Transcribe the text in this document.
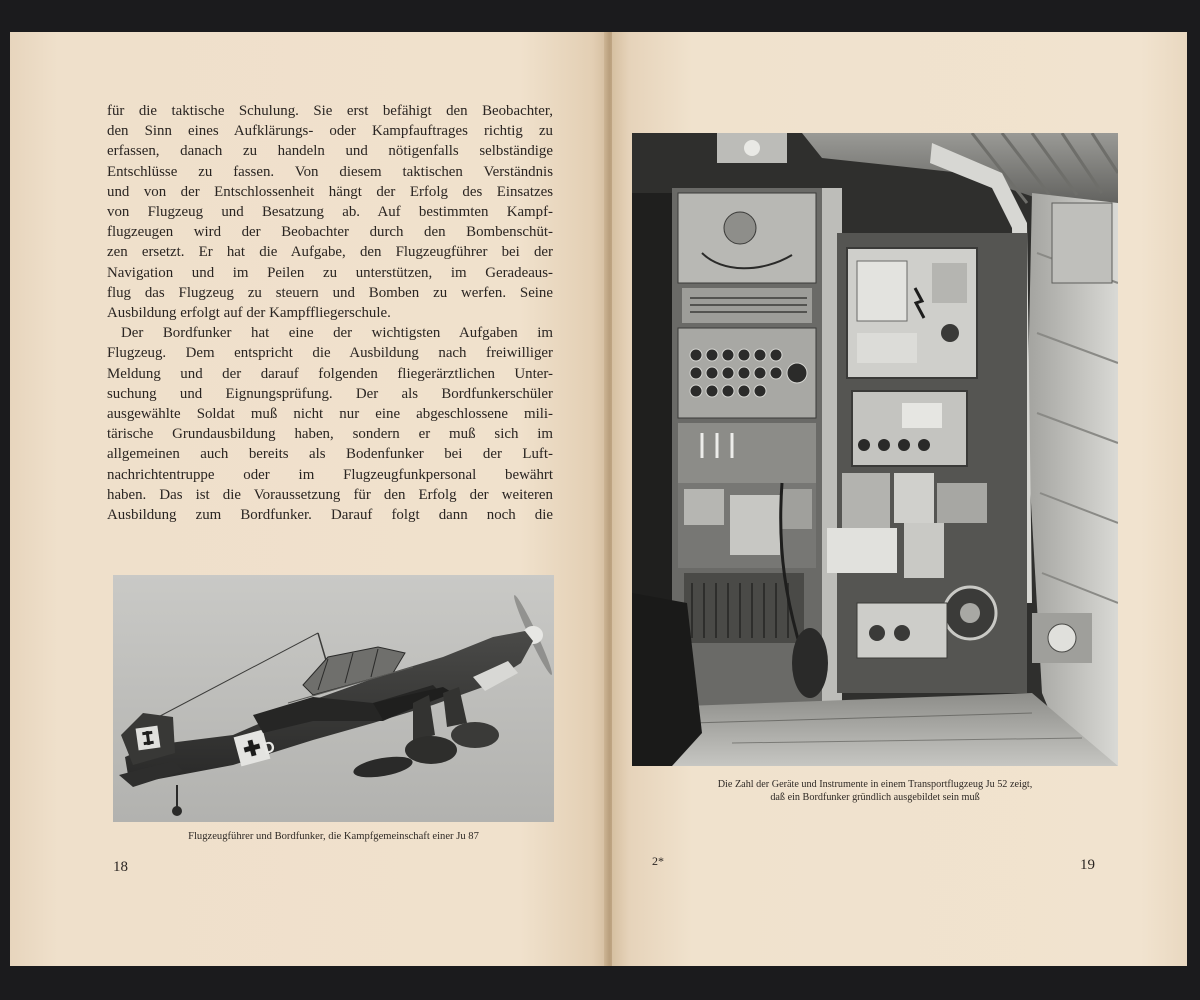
für die taktische Schulung. Sie erst befähigt den Beobachter,
den Sinn eines Aufklärungs- oder Kampfauftrages richtig zu
erfassen, danach zu handeln und nötigenfalls selbständige
Entschlüsse zu fassen. Von diesem taktischen Verständnis
und von der Entschlossenheit hängt der Erfolg des Einsatzes
von Flugzeug und Besatzung ab. Auf bestimmten Kampf-
flugzeugen wird der Beobachter durch den Bombenschüt-
zen ersetzt. Er hat die Aufgabe, den Flugzeugführer bei der
Navigation und im Peilen zu unterstützen, im Geradeaus-
flug das Flugzeug zu steuern und Bomben zu werfen. Seine
Ausbildung erfolgt auf der Kampffliegerschule.
Der Bordfunker hat eine der wichtigsten Aufgaben im
Flugzeug. Dem entspricht die Ausbildung nach freiwilliger
Meldung und der darauf folgenden fliegerärztlichen Unter-
suchung und Eignungsprüfung. Der als Bordfunkerschüler
ausgewählte Soldat muß nicht nur eine abgeschlossene mili-
tärische Grundausbildung haben, sondern er muß sich im
allgemeinen auch bereits als Bodenfunker bei der Luft-
nachrichtentruppe oder im Flugzeugfunkpersonal bewährt
haben. Das ist die Voraussetzung für den Erfolg der weiteren
Ausbildung zum Bordfunker. Darauf folgt dann noch die
D
Flugzeugführer und Bordfunker, die Kampfgemeinschaft einer Ju 87
18
Die Zahl der Geräte und Instrumente in einem Transportflugzeug Ju 52 zeigt,
daß ein Bordfunker gründlich ausgebildet sein muß
2*	19
